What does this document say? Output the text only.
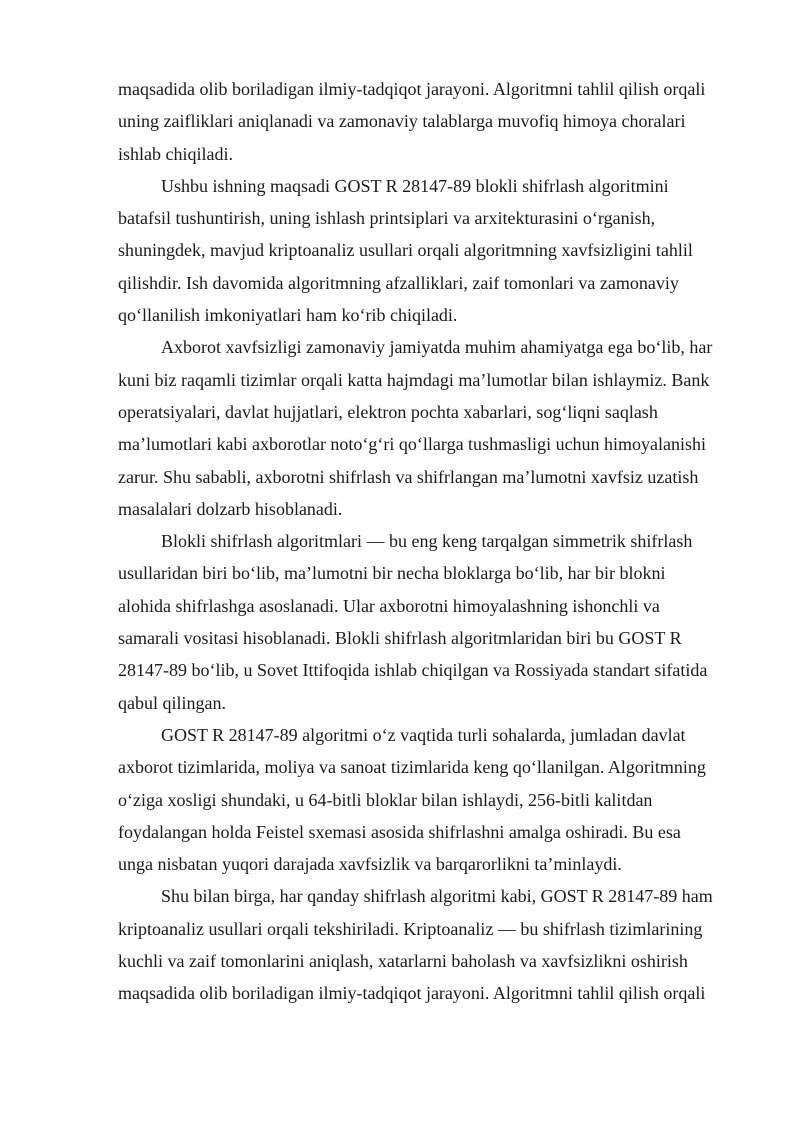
maqsadida olib boriladigan ilmiy-tadqiqot jarayoni. Algoritmni tahlil qilish orqali
uning zaifliklari aniqlanadi va zamonaviy talablarga muvofiq himoya choralari
ishlab chiqiladi.
Ushbu ishning maqsadi GOST R 28147-89 blokli shifrlash algoritmini
batafsil tushuntirish, uning ishlash printsiplari va arxitekturasini oʻrganish,
shuningdek, mavjud kriptoanaliz usullari orqali algoritmning xavfsizligini tahlil
qilishdir. Ish davomida algoritmning afzalliklari, zaif tomonlari va zamonaviy
qoʻllanilish imkoniyatlari ham koʻrib chiqiladi.
Axborot xavfsizligi zamonaviy jamiyatda muhim ahamiyatga ega boʻlib, har
kuni biz raqamli tizimlar orqali katta hajmdagi maʼlumotlar bilan ishlaymiz. Bank
operatsiyalari, davlat hujjatlari, elektron pochta xabarlari, sogʻliqni saqlash
maʼlumotlari kabi axborotlar notoʻgʻri qoʻllarga tushmasligi uchun himoyalanishi
zarur. Shu sababli, axborotni shifrlash va shifrlangan maʼlumotni xavfsiz uzatish
masalalari dolzarb hisoblanadi.
Blokli shifrlash algoritmlari — bu eng keng tarqalgan simmetrik shifrlash
usullaridan biri boʻlib, maʼlumotni bir necha bloklarga boʻlib, har bir blokni
alohida shifrlashga asoslanadi. Ular axborotni himoyalashning ishonchli va
samarali vositasi hisoblanadi. Blokli shifrlash algoritmlaridan biri bu GOST R
28147-89 boʻlib, u Sovet Ittifoqida ishlab chiqilgan va Rossiyada standart sifatida
qabul qilingan.
GOST R 28147-89 algoritmi oʻz vaqtida turli sohalarda, jumladan davlat
axborot tizimlarida, moliya va sanoat tizimlarida keng qoʻllanilgan. Algoritmning
oʻziga xosligi shundaki, u 64-bitli bloklar bilan ishlaydi, 256-bitli kalitdan
foydalangan holda Feistel sxemasi asosida shifrlashni amalga oshiradi. Bu esa
unga nisbatan yuqori darajada xavfsizlik va barqarorlikni taʼminlaydi.
Shu bilan birga, har qanday shifrlash algoritmi kabi, GOST R 28147-89 ham
kriptoanaliz usullari orqali tekshiriladi. Kriptoanaliz — bu shifrlash tizimlarining
kuchli va zaif tomonlarini aniqlash, xatarlarni baholash va xavfsizlikni oshirish
maqsadida olib boriladigan ilmiy-tadqiqot jarayoni. Algoritmni tahlil qilish orqali
